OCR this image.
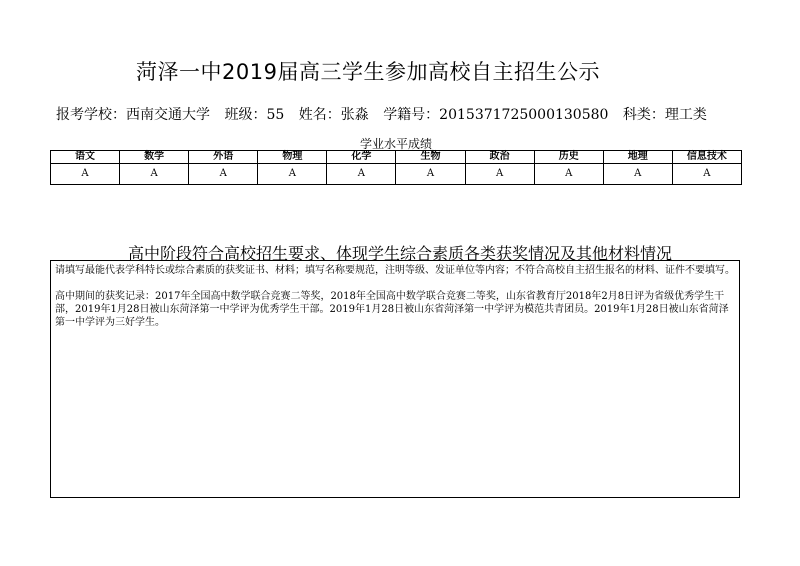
菏泽一中2019届高三学生参加高校自主招生公示
报考学校：西南交通大学 班级：55 姓名：张淼 学籍号：2015371725000130580 科类：理工类
学业水平成绩
语文	数学	外语	物理	化学	生物	政治	历史	地理	信息技术
A	A	A	A	A	A	A	A	A	A
高中阶段符合高校招生要求、体现学生综合素质各类获奖情况及其他材料情况

请填写最能代表学科特长或综合素质的获奖证书、材料；填写名称要规范，注明等级、发证单位等内容；不符合高校自主招生报名的材料、证件不要填写。

高中期间的获奖记录：2017年全国高中数学联合竞赛二等奖，2018年全国高中数学联合竞赛二等奖，山东省教育厅2018年2月8日评为省级优秀学生干部，2019年1月28日被山东菏泽第一中学评为优秀学生干部。2019年1月28日被山东省菏泽第一中学评为模范共青团员。2019年1月28日被山东省菏泽第一中学评为三好学生。
